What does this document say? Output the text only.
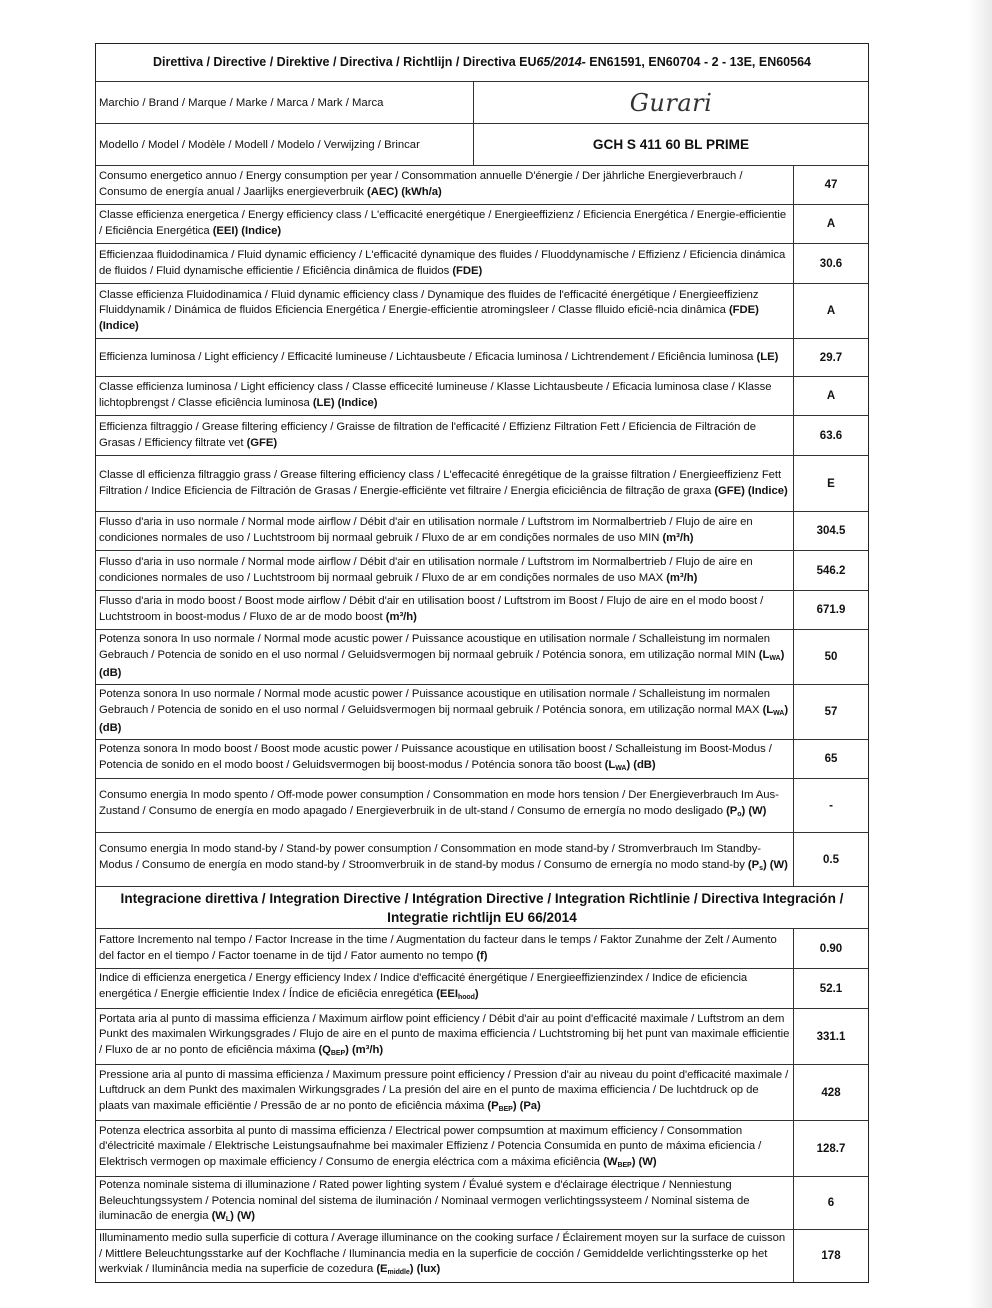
Direttiva / Directive / Direktive / Directiva / Richtlijn / Directiva EU 65/2014 - EN61591, EN60704 - 2 - 13E, EN60564
Marchio / Brand / Marque / Marke / Marca / Mark / Marca	Gurari
Modello / Model / Modèle / Modell / Modelo / Verwijzing / Brincar	GCH S 411 60 BL PRIME
Consumo energetico annuo / Energy consumption per year / Consommation annuelle D'énergie / Der jährliche Energieverbrauch / Consumo de energía anual / Jaarlijks energieverbruik (AEC) (kWh/a)
47
Classe efficienza energetica / Energy efficiency class / L'efficacité energétique / Energieeffizienz / Eficiencia Energética / Energie-efficientie / Eficiência Energética (EEI) (Indice)
A
Efficienzaa fluidodinamica / Fluid dynamic efficiency / L'efficacité dynamique des fluides / Fluoddynamische / Effizienz / Eficiencia dinámica de fluidos / Fluid dynamische efficientie / Eficiência dinâmica de fluidos (FDE)
30.6
Classe efficienza Fluidodinamica / Fluid dynamic efficiency class / Dynamique des fluides de l'efficacité énergétique / Energieeffizienz Fluiddynamik / Dinámica de fluidos Eficiencia Energética / Energie-efficientie atromingsleer / Classe flluido eficiê-ncia dinâmica (FDE) (Indice)
A
Efficienza luminosa / Light efficiency / Efficacité lumineuse / Lichtausbeute / Eficacia luminosa / Lichtrendement / Eficiência luminosa (LE)	29.7
Classe efficienza luminosa / Light efficiency class / Classe efficecité lumineuse / Klasse Lichtausbeute / Eficacia luminosa clase / Klasse lichtopbrengst / Classe eficiência luminosa (LE) (Indice)
A
Efficienza filtraggio / Grease filtering efficiency / Graisse de filtration de l'efficacité / Effizienz Filtration Fett / Eficiencia de Filtración de Grasas / Efficiency filtrate vet (GFE)
63.6
Classe dl efficienza filtraggio grass / Grease filtering efficiency class / L'effecacité énregétique de la graisse filtration / Energieeffizienz Fett Filtration / Indice Eficiencia de Filtración de Grasas / Energie-efficiënte vet filtraire / Energia eficiciência de filtração de graxa (GFE) (Indice)
E
Flusso d'aria in uso normale / Normal mode airflow / Débit d'air en utilisation normale / Luftstrom im Normalbertrieb / Flujo de aire en condiciones normales de uso / Luchtstroom bij normaal gebruik / Fluxo de ar em condições normales de uso MIN (m³/h)
304.5
Flusso d'aria in uso normale / Normal mode airflow / Débit d'air en utilisation normale / Luftstrom im Normalbertrieb / Flujo de aire en condiciones normales de uso / Luchtstroom bij normaal gebruik / Fluxo de ar em condições normales de uso MAX (m³/h)
546.2
Flusso d'aria in modo boost / Boost mode airflow / Débit d'air en utilisation boost / Luftstrom im Boost / Flujo de aire en el modo boost / Luchtstroom in boost-modus / Fluxo de ar de modo boost (m³/h)
671.9
Potenza sonora In uso normale / Normal mode acustic power / Puissance acoustique en utilisation normale / Schalleistung im normalen Gebrauch / Potencia de sonido en el uso normal / Geluidsvermogen bij normaal gebruik / Poténcia sonora, em utilização normal MIN $(L_{WA})$ (dB)
50
Potenza sonora In uso normale / Normal mode acustic power / Puissance acoustique en utilisation normale / Schalleistung im normalen Gebrauch / Potencia de sonido en el uso normal / Geluidsvermogen bij normaal gebruik / Poténcia sonora, em utilização normal MAX $(L_{WA})$ (dB)
57
Potenza sonora In modo boost / Boost mode acustic power / Puissance acoustique en utilisation boost / Schalleistung im Boost-Modus / Potencia de sonido en el modo boost / Geluidsvermogen bij boost-modus / Poténcia sonora tão boost $(L_{WA})$ (dB)	65
Consumo energia In modo spento / Off-mode power consumption / Consommation en mode hors tension / Der Energieverbrauch Im Aus-Zustand / Consumo de energía en modo apagado / Energieverbruik in de ult-stand / Consumo de ernergía no modo desligado $(P_o)$ (W)	-
Consumo energia In modo stand-by / Stand-by power consumption / Consommation en mode stand-by / Stromverbrauch Im Standby-Modus / Consumo de energía en modo stand-by / Stroomverbruik in de stand-by modus / Consumo de ernergía no modo stand-by $(P_s)$ (W)	0.5
Integracione direttiva / Integration Directive / Intégration Directive / Integration Richtlinie / Directiva Integración /
Integratie richtlijn EU 66/2014
Fattore Incremento nal tempo / Factor Increase in the time / Augmentation du facteur dans le temps / Faktor Zunahme der Zelt / Aumento del factor en el tiempo / Factor toename in de tijd / Fator aumento no tempo (f)
0.90
Indice di efficienza energetica / Energy efficiency Index / Indice d'efficacité énergétique / Energieeffizienzindex / Indice de eficiencia energética / Energie efficientie Index / Índice de eficiêcia enregética $(EEI_{hood})$	52.1
Portata aria al punto di massima efficienza / Maximum airflow point efficiency / Débit d'air au point d'efficacité maximale / Luftstrom an dem Punkt des maximalen Wirkungsgrades / Flujo de aire en el punto de maxima efficiencia / Luchtstroming bij het punt van maximale efficientie / Fluxo de ar no ponto de eficiência máxima $(Q_{BEP})$ (m³/h)
331.1
Pressione aria al punto di massima efficienza / Maximum pressure point efficiency / Pression d'air au niveau du point d'efficacité maximale / Luftdruck an dem Punkt des maximalen Wirkungsgrades / La presión del aire en el punto de maxima efficiencia / De luchtdruck op de plaats van maximale efficiëntie / Pressão de ar no ponto de eficiência máxima $(P_{BEP})$ (Pa)
428
Potenza electrica assorbita al punto di massima efficienza / Electrical power compsumtion at maximum efficiency / Consommation d'électricité maximale / Elektrische Leistungsaufnahme bei maximaler Effizienz / Potencia Consumida en punto de máxima eficiencia / Elektrisch vermogen op maximale efficiency / Consumo de energia eléctrica com a máxima eficiência $(W_{BEP})$ (W)
128.7
Potenza nominale sistema di illuminazione / Rated power lighting system / Évalué system e d'éclairage électrique / Nenniestung Beleuchtungssystem / Potencia nominal del sistema de iluminación / Nominaal vermogen verlichtingssysteem / Nominal sistema de iluminacão de energia $(W_L)$ (W)
6
Illuminamento medio sulla superficie di cottura / Average illuminance on the cooking surface / Éclairement moyen sur la surface de cuisson / Mittlere Beleuchtungsstarke auf der Kochflache / Iluminancia media en la superficie de cocción / Gemiddelde verlichtingssterke op het werkviak / Iluminância media na superficie de cozedura $(E_{middle})$ (lux)
178
